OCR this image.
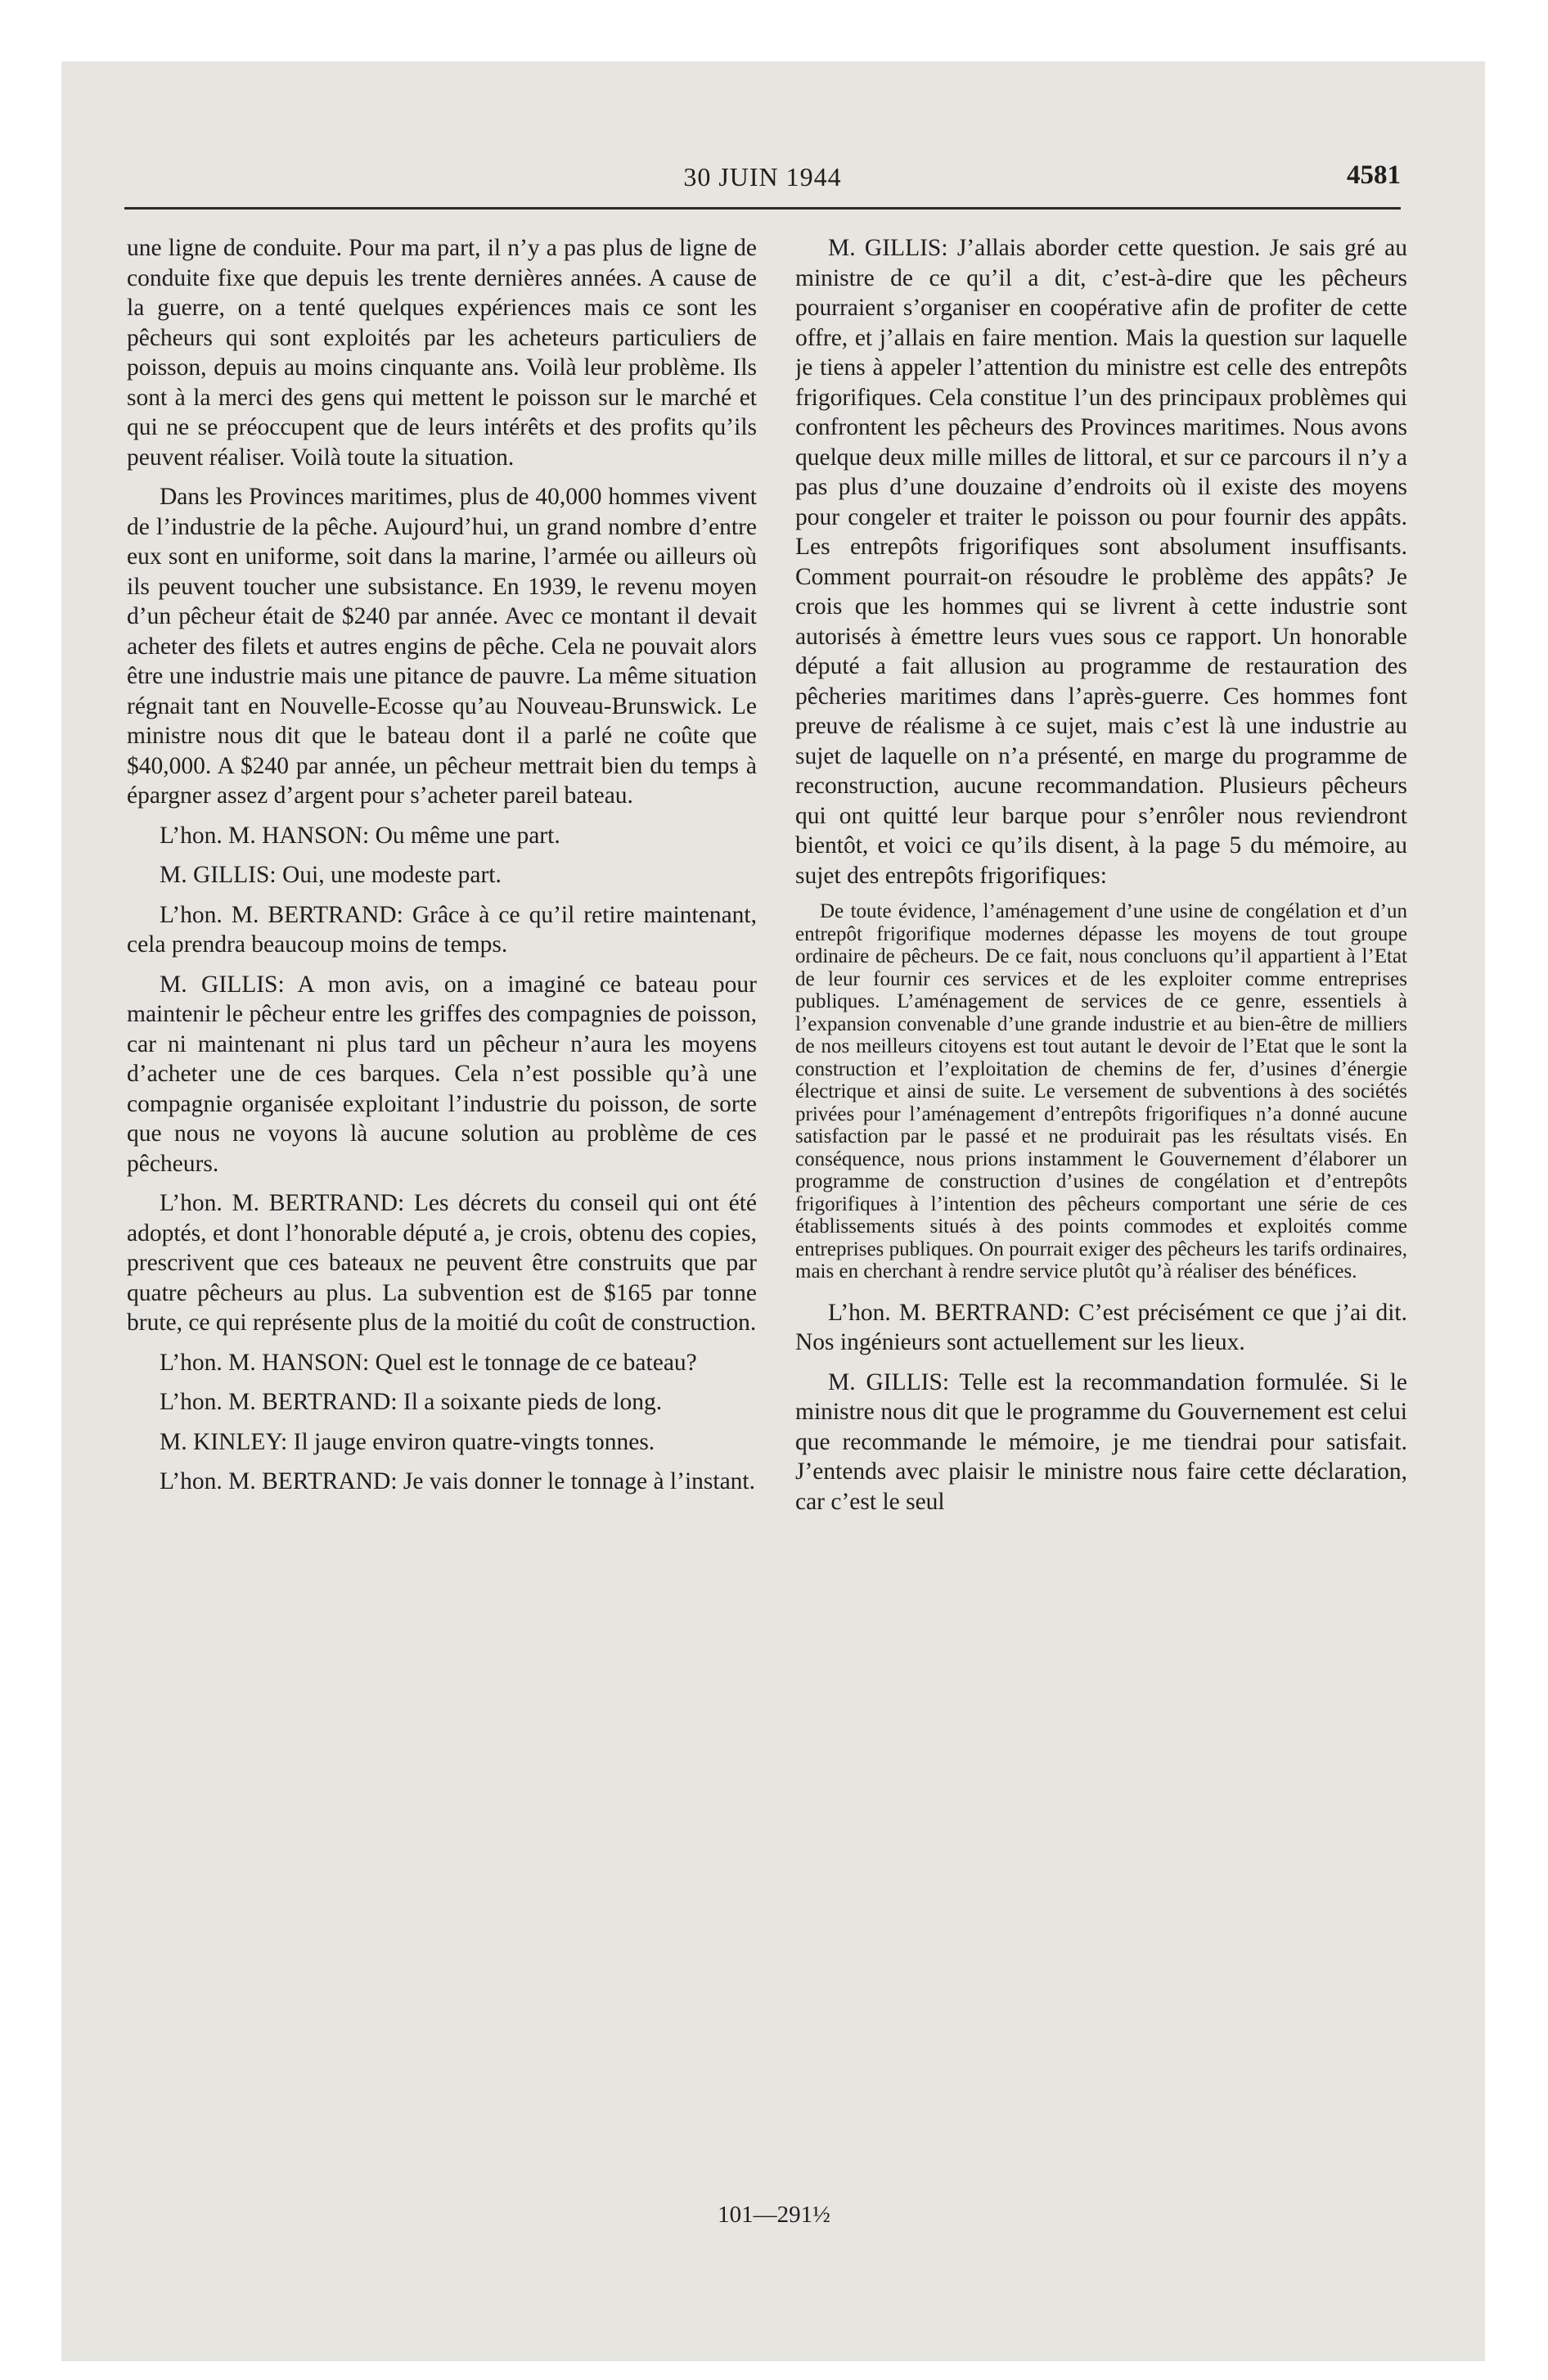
30 JUIN 1944	4581

une ligne de conduite. Pour ma part, il n’y a pas plus de ligne de conduite fixe que depuis les trente dernières années. A cause de la guerre, on a tenté quelques expériences mais ce sont les pêcheurs qui sont exploités par les acheteurs particuliers de poisson, depuis au moins cinquante ans. Voilà leur problème. Ils sont à la merci des gens qui mettent le poisson sur le marché et qui ne se préoccupent que de leurs intérêts et des profits qu’ils peuvent réaliser. Voilà toute la situation.

Dans les Provinces maritimes, plus de 40,000 hommes vivent de l’industrie de la pêche. Aujourd’hui, un grand nombre d’entre eux sont en uniforme, soit dans la marine, l’armée ou ailleurs où ils peuvent toucher une subsistance. En 1939, le revenu moyen d’un pêcheur était de $240 par année. Avec ce montant il devait acheter des filets et autres engins de pêche. Cela ne pouvait alors être une industrie mais une pitance de pauvre. La même situation régnait tant en Nouvelle-Ecosse qu’au Nouveau-Brunswick. Le ministre nous dit que le bateau dont il a parlé ne coûte que $40,000. A $240 par année, un pêcheur mettrait bien du temps à épargner assez d’argent pour s’acheter pareil bateau.

L’hon. M. HANSON: Ou même une part.

M. GILLIS: Oui, une modeste part.

L’hon. M. BERTRAND: Grâce à ce qu’il retire maintenant, cela prendra beaucoup moins de temps.

M. GILLIS: A mon avis, on a imaginé ce bateau pour maintenir le pêcheur entre les griffes des compagnies de poisson, car ni maintenant ni plus tard un pêcheur n’aura les moyens d’acheter une de ces barques. Cela n’est possible qu’à une compagnie organisée exploitant l’industrie du poisson, de sorte que nous ne voyons là aucune solution au problème de ces pêcheurs.

L’hon. M. BERTRAND: Les décrets du conseil qui ont été adoptés, et dont l’honorable député a, je crois, obtenu des copies, prescrivent que ces bateaux ne peuvent être construits que par quatre pêcheurs au plus. La subvention est de $165 par tonne brute, ce qui représente plus de la moitié du coût de construction.

L’hon. M. HANSON: Quel est le tonnage de ce bateau?

L’hon. M. BERTRAND: Il a soixante pieds de long.

M. KINLEY: Il jauge environ quatre-vingts tonnes.

L’hon. M. BERTRAND: Je vais donner le tonnage à l’instant.

M. GILLIS: J’allais aborder cette question. Je sais gré au ministre de ce qu’il a dit, c’est-à-dire que les pêcheurs pourraient s’organiser en coopérative afin de profiter de cette offre, et j’allais en faire mention. Mais la question sur laquelle je tiens à appeler l’attention du ministre est celle des entrepôts frigorifiques. Cela constitue l’un des principaux problèmes qui confrontent les pêcheurs des Provinces maritimes. Nous avons quelque deux mille milles de littoral, et sur ce parcours il n’y a pas plus d’une douzaine d’endroits où il existe des moyens pour congeler et traiter le poisson ou pour fournir des appâts. Les entrepôts frigorifiques sont absolument insuffisants. Comment pourrait-on résoudre le problème des appâts? Je crois que les hommes qui se livrent à cette industrie sont autorisés à émettre leurs vues sous ce rapport. Un honorable député a fait allusion au programme de restauration des pêcheries maritimes dans l’après-guerre. Ces hommes font preuve de réalisme à ce sujet, mais c’est là une industrie au sujet de laquelle on n’a présenté, en marge du programme de reconstruction, aucune recommandation. Plusieurs pêcheurs qui ont quitté leur barque pour s’enrôler nous reviendront bientôt, et voici ce qu’ils disent, à la page 5 du mémoire, au sujet des entrepôts frigorifiques:

De toute évidence, l’aménagement d’une usine de congélation et d’un entrepôt frigorifique modernes dépasse les moyens de tout groupe ordinaire de pêcheurs. De ce fait, nous concluons qu’il appartient à l’Etat de leur fournir ces services et de les exploiter comme entreprises publiques. L’aménagement de services de ce genre, essentiels à l’expansion convenable d’une grande industrie et au bien-être de milliers de nos meilleurs citoyens est tout autant le devoir de l’Etat que le sont la construction et l’exploitation de chemins de fer, d’usines d’énergie électrique et ainsi de suite. Le versement de subventions à des sociétés privées pour l’aménagement d’entrepôts frigorifiques n’a donné aucune satisfaction par le passé et ne produirait pas les résultats visés. En conséquence, nous prions instamment le Gouvernement d’élaborer un programme de construction d’usines de congélation et d’entrepôts frigorifiques à l’intention des pêcheurs comportant une série de ces établissements situés à des points commodes et exploités comme entreprises publiques. On pourrait exiger des pêcheurs les tarifs ordinaires, mais en cherchant à rendre service plutôt qu’à réaliser des bénéfices.

L’hon. M. BERTRAND: C’est précisément ce que j’ai dit. Nos ingénieurs sont actuellement sur les lieux.

M. GILLIS: Telle est la recommandation formulée. Si le ministre nous dit que le programme du Gouvernement est celui que recommande le mémoire, je me tiendrai pour satisfait. J’entends avec plaisir le ministre nous faire cette déclaration, car c’est le seul

101—291½
